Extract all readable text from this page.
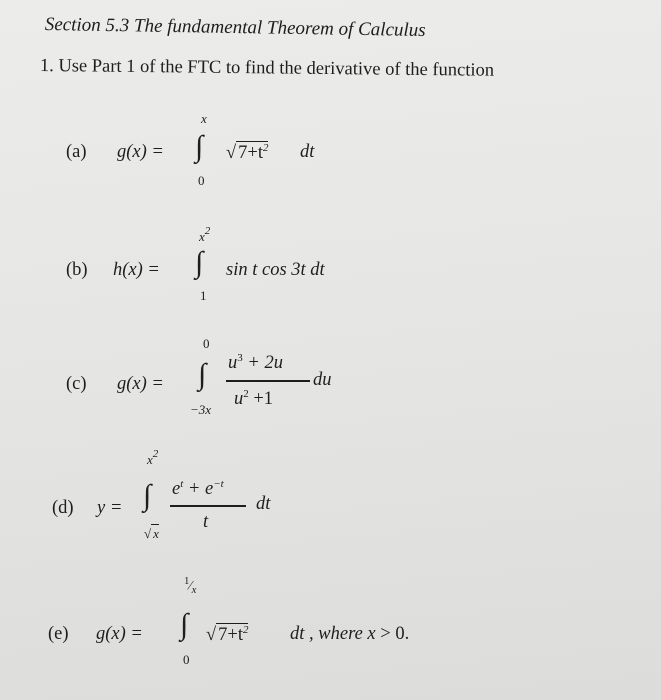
Section 5.3 The fundamental Theorem of Calculus
1. Use Part 1 of the FTC to find the derivative of the function
(a) g(x) =
x
∫
0
√ $7+t^2$ dt
(b) h(x) =
$x^2$
∫
1
sin t cos 3t dt
(c) g(x) =
0
∫
−3x
$u^3 + 2u$
$u^2 +1$
du
(d) y =
$x^2$
∫
√ x
$e^t + e^{-t}$
t
dt
(e) g(x) =
$^1⁄_x$
∫
0
√ $7+t^2$ dt , where x > 0.
